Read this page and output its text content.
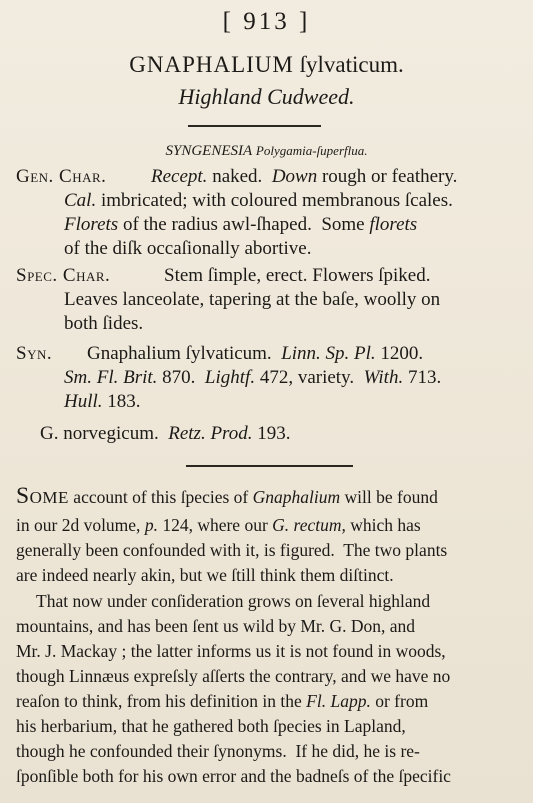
[ 913 ]
GNAPHALIUM ſylvaticum.
Highland Cudweed.
SYNGENESIA Polygamia-ſuperflua.
Gen. Char. Recept. naked.  Down rough or feathery.
Cal. imbricated; with coloured membranous ſcales.
Florets of the radius awl-ſhaped.  Some florets
of the diſk occaſionally abortive.
Spec. Char.	Stem ſimple, erect. Flowers ſpiked.
Leaves lanceolate, tapering at the baſe, woolly on
both ſides.
Syn. Gnaphalium ſylvaticum.  Linn. Sp. Pl. 1200.
Sm. Fl. Brit. 870.  Lightf. 472, variety.  With. 713.
Hull. 183.
G. norvegicum.  Retz. Prod. 193.
Some account of this ſpecies of Gnaphalium will be found
in our 2d volume, p. 124, where our G. rectum, which has
generally been confounded with it, is figured.  The two plants
are indeed nearly akin, but we ſtill think them diſtinct.
That now under conſideration grows on ſeveral highland
mountains, and has been ſent us wild by Mr. G. Don, and
Mr. J. Mackay ; the latter informs us it is not found in woods,
though Linnæus expreſsly aſſerts the contrary, and we have no
reaſon to think, from his definition in the Fl. Lapp. or from
his herbarium, that he gathered both ſpecies in Lapland,
though he confounded their ſynonyms.  If he did, he is re-
ſponſible both for his own error and the badneſs of the ſpecific
